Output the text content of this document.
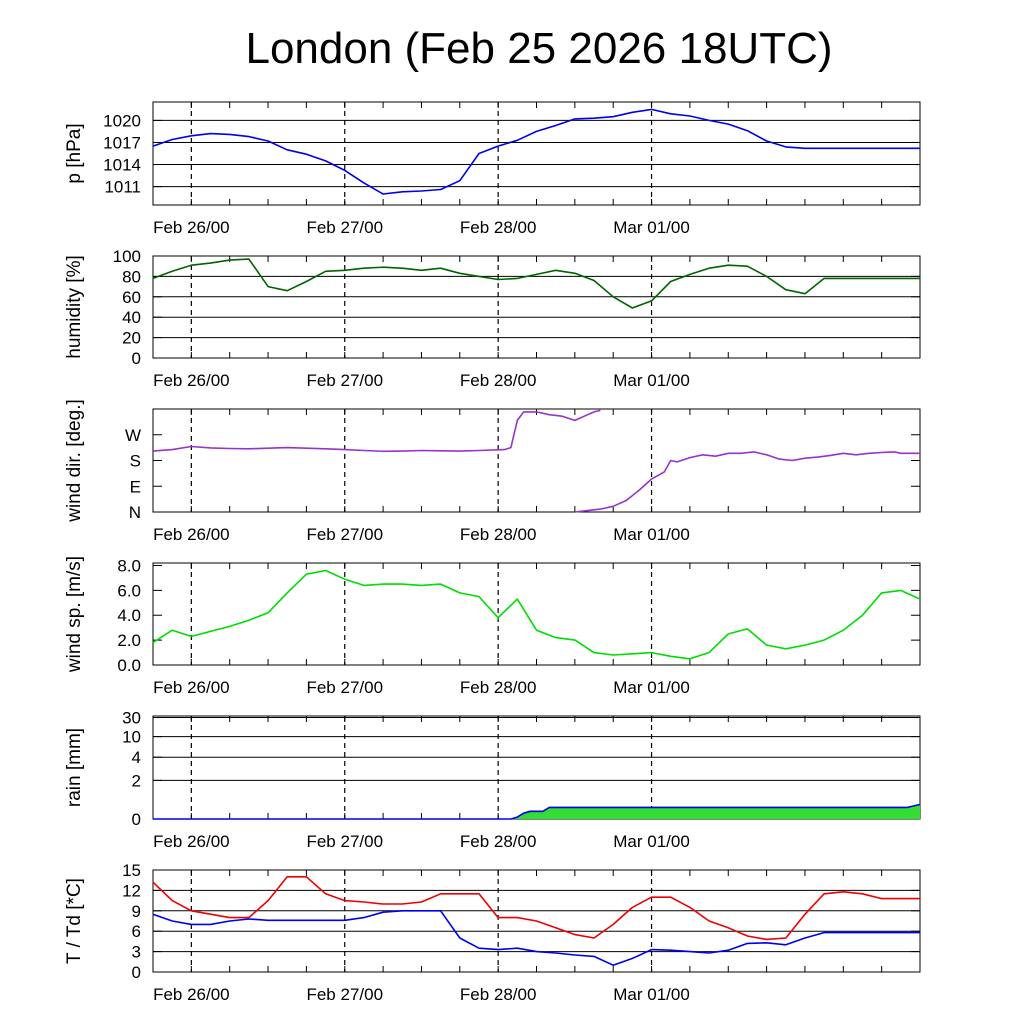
London (Feb 25 2026 18UTC)
1011
1014
1017
1020
p [hPa]
Feb 26/00	Feb 27/00	Feb 28/00	Mar 01/00
0
20
40
60
80
100
humidity [%]
Feb 26/00	Feb 27/00	Feb 28/00	Mar 01/00
N
E
S
W
wind dir. [deg.]
Feb 26/00	Feb 27/00	Feb 28/00	Mar 01/00
0.0
2.0
4.0
6.0
8.0
wind sp. [m/s]
Feb 26/00	Feb 27/00	Feb 28/00	Mar 01/00
0
2
4
10
30
rain [mm]
Feb 26/00	Feb 27/00	Feb 28/00	Mar 01/00
0
3
6
9
12
15
T / Td [*C]
Feb 26/00	Feb 27/00	Feb 28/00	Mar 01/00
